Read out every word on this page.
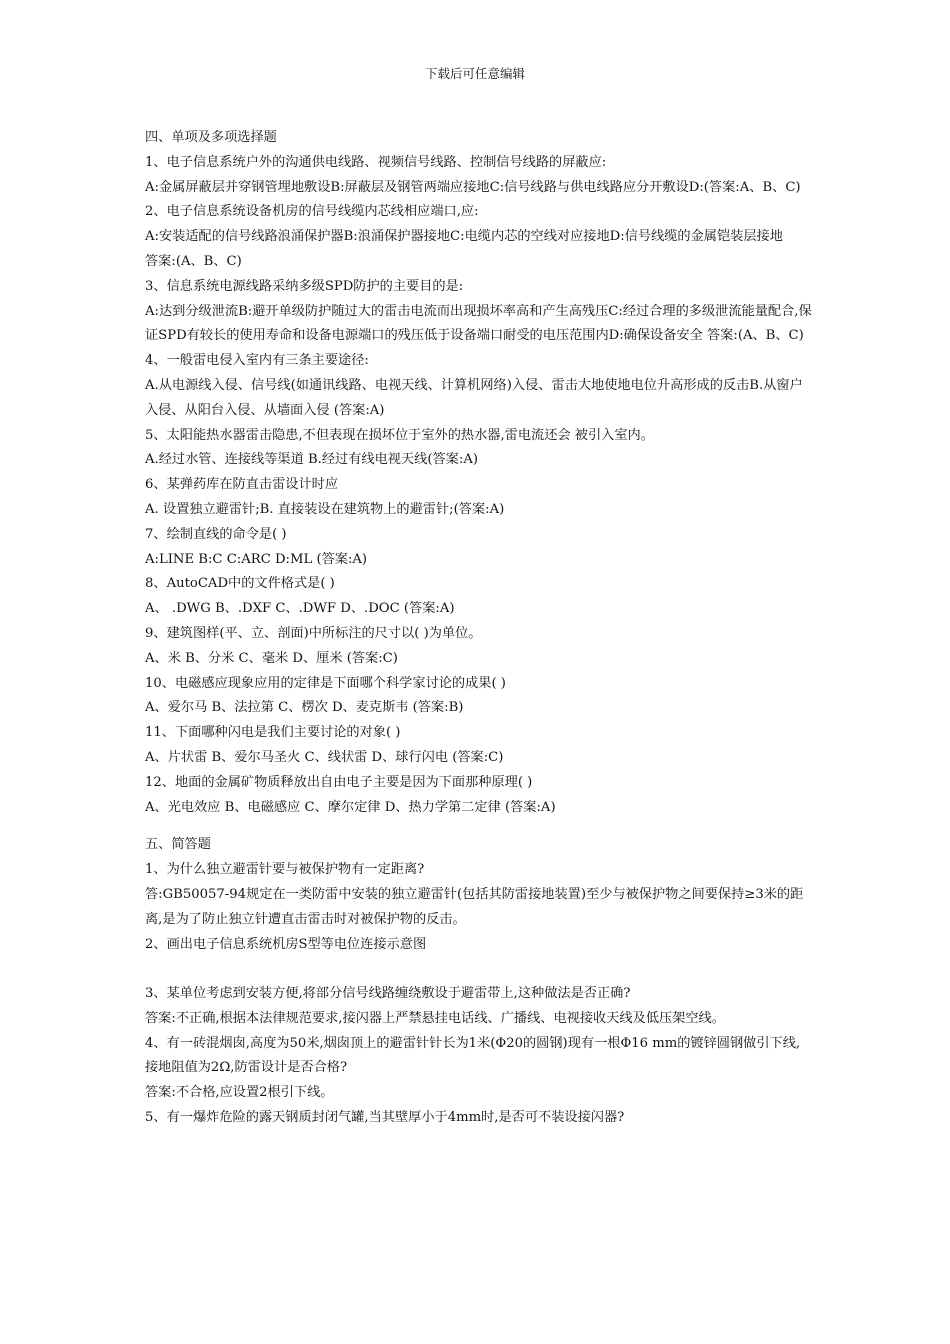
下载后可任意编辑
四、单项及多项选择题
1、电子信息系统户外的沟通供电线路、视频信号线路、控制信号线路的屏蔽应:
A:金属屏蔽层并穿钢管埋地敷设B:屏蔽层及钢管两端应接地C:信号线路与供电线路应分开敷设D:(答案:A、B、C)
2、电子信息系统设备机房的信号线缆内芯线相应端口,应:
A:安装适配的信号线路浪涌保护器B:浪涌保护器接地C:电缆内芯的空线对应接地D:信号线缆的金属铠装层接地
答案:(A、B、C)
3、信息系统电源线路采纳多级SPD防护的主要目的是:
A:达到分级泄流B:避开单级防护随过大的雷击电流而出现损坏率高和产生高残压C:经过合理的多级泄流能量配合,保证SPD有较长的使用寿命和设备电源端口的残压低于设备端口耐受的电压范围内D:确保设备安全 答案:(A、B、C)
4、一般雷电侵入室内有三条主要途径:
A.从电源线入侵、信号线(如通讯线路、电视天线、计算机网络)入侵、雷击大地使地电位升高形成的反击B.从窗户入侵、从阳台入侵、从墙面入侵 (答案:A)
5、太阳能热水器雷击隐患,不但表现在损坏位于室外的热水器,雷电流还会 被引入室内。
A.经过水管、连接线等渠道 B.经过有线电视天线(答案:A)
6、某弹药库在防直击雷设计时应
A. 设置独立避雷针;B. 直接装设在建筑物上的避雷针;(答案:A)
7、绘制直线的命令是( )
A:LINE B:C C:ARC D:ML (答案:A)
8、AutoCAD中的文件格式是( )
A、 .DWG B、.DXF C、.DWF D、.DOC (答案:A)
9、建筑图样(平、立、剖面)中所标注的尺寸以( )为单位。
A、米 B、分米 C、毫米 D、厘米 (答案:C)
10、电磁感应现象应用的定律是下面哪个科学家讨论的成果( )
A、爱尔马 B、法拉第 C、楞次 D、麦克斯韦 (答案:B)
11、下面哪种闪电是我们主要讨论的对象( )
A、片状雷 B、爱尔马圣火 C、线状雷 D、球行闪电 (答案:C)
12、地面的金属矿物质释放出自由电子主要是因为下面那种原理( )
A、光电效应 B、电磁感应 C、摩尔定律 D、热力学第二定律 (答案:A)
五、简答题
1、为什么独立避雷针要与被保护物有一定距离?
答:GB50057-94规定在一类防雷中安装的独立避雷针(包括其防雷接地装置)至少与被保护物之间要保持≥3米的距离,是为了防止独立针遭直击雷击时对被保护物的反击。
2、画出电子信息系统机房S型等电位连接示意图
3、某单位考虑到安装方便,将部分信号线路缠绕敷设于避雷带上,这种做法是否正确?
答案:不正确,根据本法律规范要求,接闪器上严禁悬挂电话线、广播线、电视接收天线及低压架空线。
4、有一砖混烟囱,高度为50米,烟囱顶上的避雷针针长为1米(Φ20的圆钢)现有一根Φ16 mm的镀锌圆钢做引下线,接地阻值为2Ω,防雷设计是否合格?
答案:不合格,应设置2根引下线。
5、有一爆炸危险的露天钢质封闭气罐,当其壁厚小于4mm时,是否可不装设接闪器?
